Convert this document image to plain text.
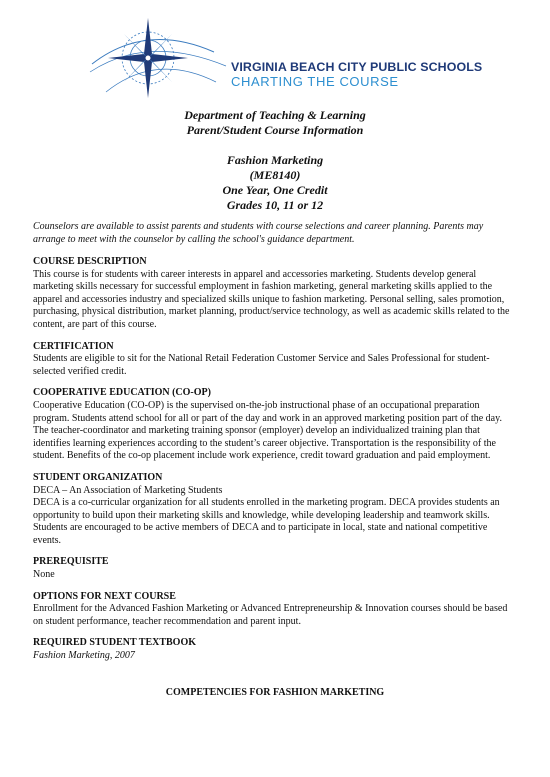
VIRGINIA BEACH CITY PUBLIC SCHOOLS
CHARTING THE COURSE
Department of Teaching & Learning
Parent/Student Course Information
Fashion Marketing
(ME8140)
One Year, One Credit
Grades 10, 11 or 12
Counselors are available to assist parents and students with course selections and career planning. Parents may arrange to meet with the counselor by calling the school's guidance department.

COURSE DESCRIPTION

This course is for students with career interests in apparel and accessories marketing. Students develop general marketing skills necessary for successful employment in fashion marketing, general marketing skills applied to the apparel and accessories industry and specialized skills unique to fashion marketing. Personal selling, sales promotion, purchasing, physical distribution, market planning, product/service technology, as well as academic skills related to the content, are part of this course.

CERTIFICATION

Students are eligible to sit for the National Retail Federation Customer Service and Sales Professional for student-selected verified credit.

COOPERATIVE EDUCATION (CO-OP)

Cooperative Education (CO-OP) is the supervised on-the-job instructional phase of an occupational preparation program. Students attend school for all or part of the day and work in an approved marketing position part of the day. The teacher-coordinator and marketing training sponsor (employer) develop an individualized training plan that identifies learning experiences according to the student’s career objective. Transportation is the responsibility of the student. Benefits of the co-op placement include work experience, credit toward graduation and paid employment.

STUDENT ORGANIZATION

DECA – An Association of Marketing Students

DECA is a co-curricular organization for all students enrolled in the marketing program. DECA provides students an opportunity to build upon their marketing skills and knowledge, while developing leadership and teamwork skills. Students are encouraged to be active members of DECA and to participate in local, state and national competitive events.

PREREQUISITE

None

OPTIONS FOR NEXT COURSE

Enrollment for the Advanced Fashion Marketing or Advanced Entrepreneurship & Innovation courses should be based on student performance, teacher recommendation and parent input.

REQUIRED STUDENT TEXTBOOK

Fashion Marketing, 2007

COMPETENCIES FOR FASHION MARKETING
